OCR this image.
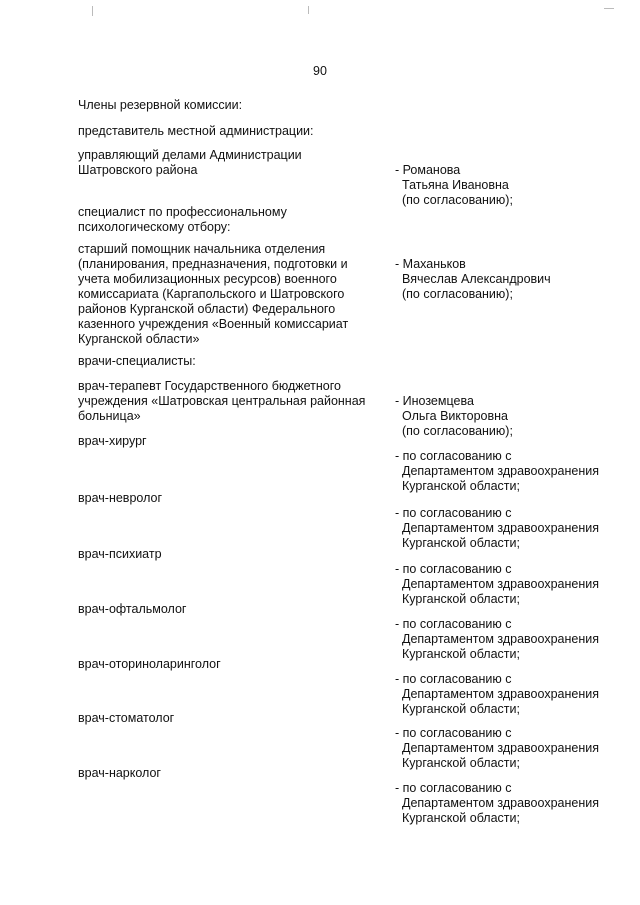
90
Члены резервной комиссии:
представитель местной администрации:
управляющий делами Администрации
Шатровского района	- Романова

Татьяна Ивановна
(по согласованию);

специалист по профессиональному
психологическому отбору:
старший помощник начальника отделения
(планирования, предназначения, подготовки и
учета мобилизационных ресурсов) военного
комиссариата (Каргапольского и Шатровского
районов Курганской области) Федерального
казенного учреждения «Военный комиссариат
Курганской области»

- Маханьков

Вячеслав Александрович
(по согласованию);

врачи-специалисты:
врач-терапевт Государственного бюджетного
учреждения «Шатровская центральная районная
больница»

- Иноземцева

Ольга Викторовна
(по согласованию);

врач-хирург

- по согласованию с

Департаментом здравоохранения
Курганской области;

врач-невролог

- по согласованию с

Департаментом здравоохранения
Курганской области;

врач-психиатр

- по согласованию с

Департаментом здравоохранения
Курганской области;

врач-офтальмолог

- по согласованию с

Департаментом здравоохранения
Курганской области;

врач-оториноларинголог

- по согласованию с

Департаментом здравоохранения
Курганской области;

врач-стоматолог

- по согласованию с

Департаментом здравоохранения
Курганской области;

врач-нарколог

- по согласованию с

Департаментом здравоохранения
Курганской области;
